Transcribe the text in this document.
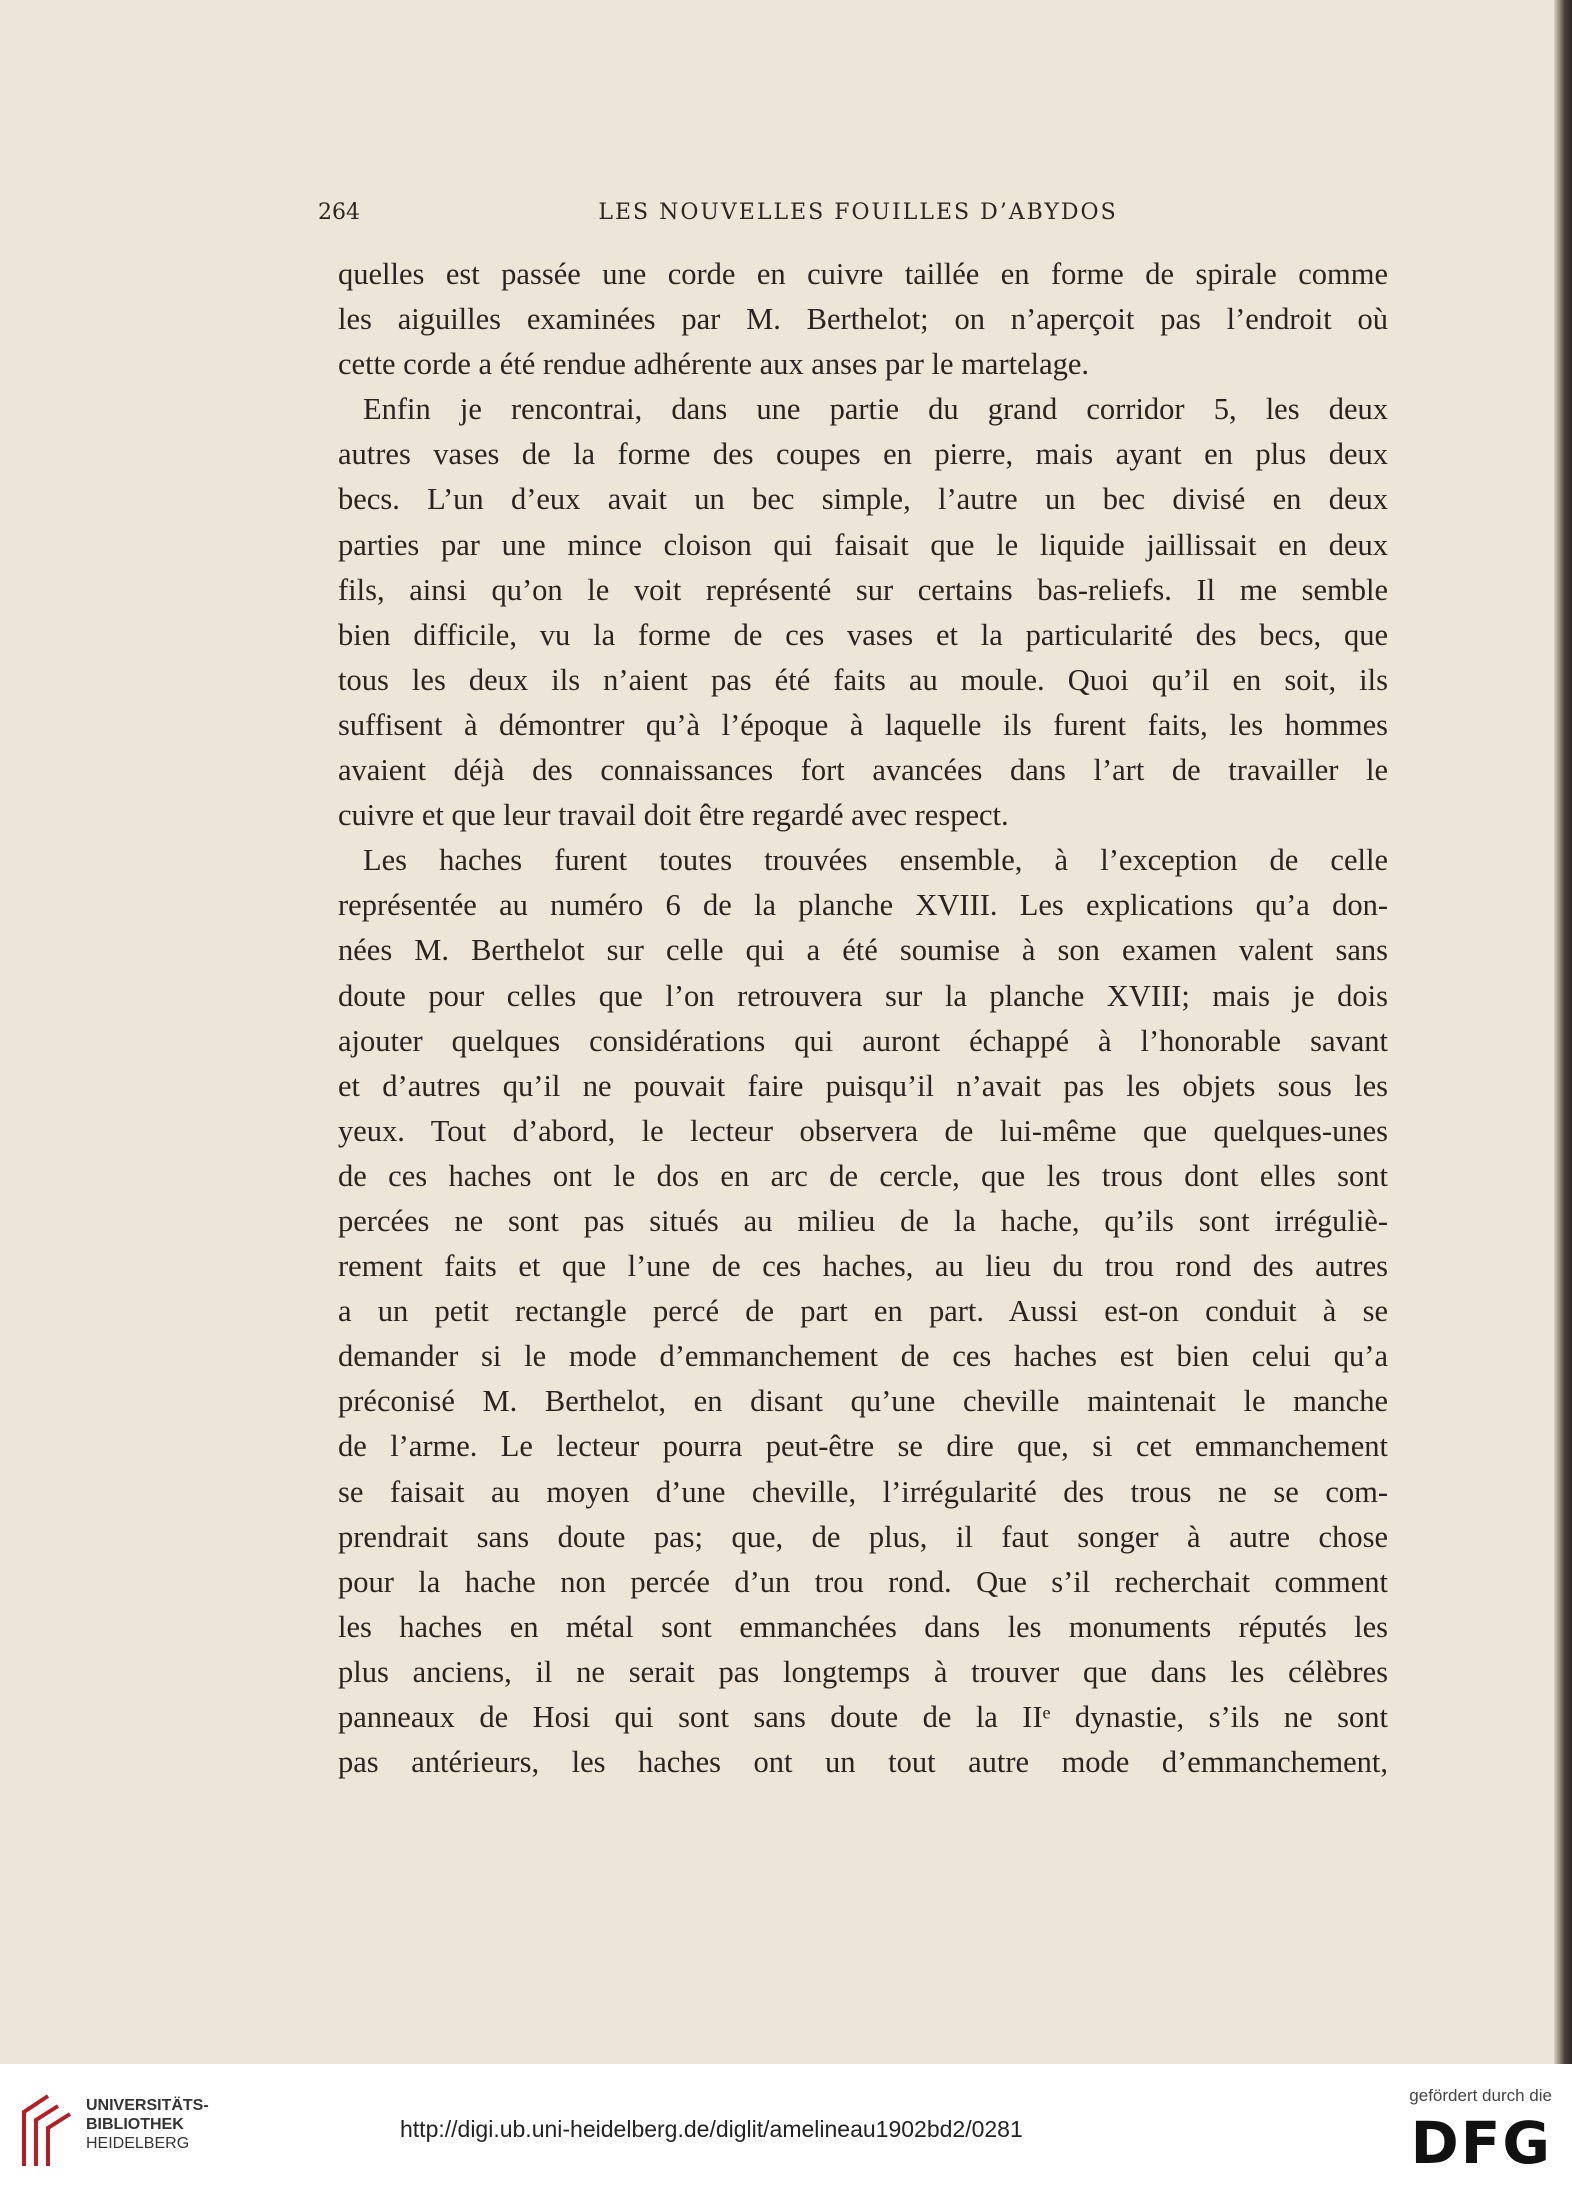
264	LES NOUVELLES FOUILLES D’ABYDOS
quelles est passée une corde en cuivre taillée en forme de spirale comme
les aiguilles examinées par M. Berthelot; on n’aperçoit pas l’endroit où
cette corde a été rendue adhérente aux anses par le martelage.
Enfin je rencontrai, dans une partie du grand corridor 5, les deux
autres vases de la forme des coupes en pierre, mais ayant en plus deux
becs. L’un d’eux avait un bec simple, l’autre un bec divisé en deux
parties par une mince cloison qui faisait que le liquide jaillissait en deux
fils, ainsi qu’on le voit représenté sur certains bas-reliefs. Il me semble
bien difficile, vu la forme de ces vases et la particularité des becs, que
tous les deux ils n’aient pas été faits au moule. Quoi qu’il en soit, ils
suffisent à démontrer qu’à l’époque à laquelle ils furent faits, les hommes
avaient déjà des connaissances fort avancées dans l’art de travailler le
cuivre et que leur travail doit être regardé avec respect.
Les haches furent toutes trouvées ensemble, à l’exception de celle
représentée au numéro 6 de la planche XVIII. Les explications qu’a don-
nées M. Berthelot sur celle qui a été soumise à son examen valent sans
doute pour celles que l’on retrouvera sur la planche XVIII; mais je dois
ajouter quelques considérations qui auront échappé à l’honorable savant
et d’autres qu’il ne pouvait faire puisqu’il n’avait pas les objets sous les
yeux. Tout d’abord, le lecteur observera de lui-même que quelques-unes
de ces haches ont le dos en arc de cercle, que les trous dont elles sont
percées ne sont pas situés au milieu de la hache, qu’ils sont irréguliè-
rement faits et que l’une de ces haches, au lieu du trou rond des autres
a un petit rectangle percé de part en part. Aussi est-on conduit à se
demander si le mode d’emmanchement de ces haches est bien celui qu’a
préconisé M. Berthelot, en disant qu’une cheville maintenait le manche
de l’arme. Le lecteur pourra peut-être se dire que, si cet emmanchement
se faisait au moyen d’une cheville, l’irrégularité des trous ne se com-
prendrait sans doute pas; que, de plus, il faut songer à autre chose
pour la hache non percée d’un trou rond. Que s’il recherchait comment
les haches en métal sont emmanchées dans les monuments réputés les
plus anciens, il ne serait pas longtemps à trouver que dans les célèbres
panneaux de Hosi qui sont sans doute de la IIᵉ dynastie, s’ils ne sont
pas antérieurs, les haches ont un tout autre mode d’emmanchement,
UNIVERSITÄTS-
BIBLIOTHEK
HEIDELBERG
http://digi.ub.uni-heidelberg.de/diglit/amelineau1902bd2/0281
gefördert durch die
DFG
